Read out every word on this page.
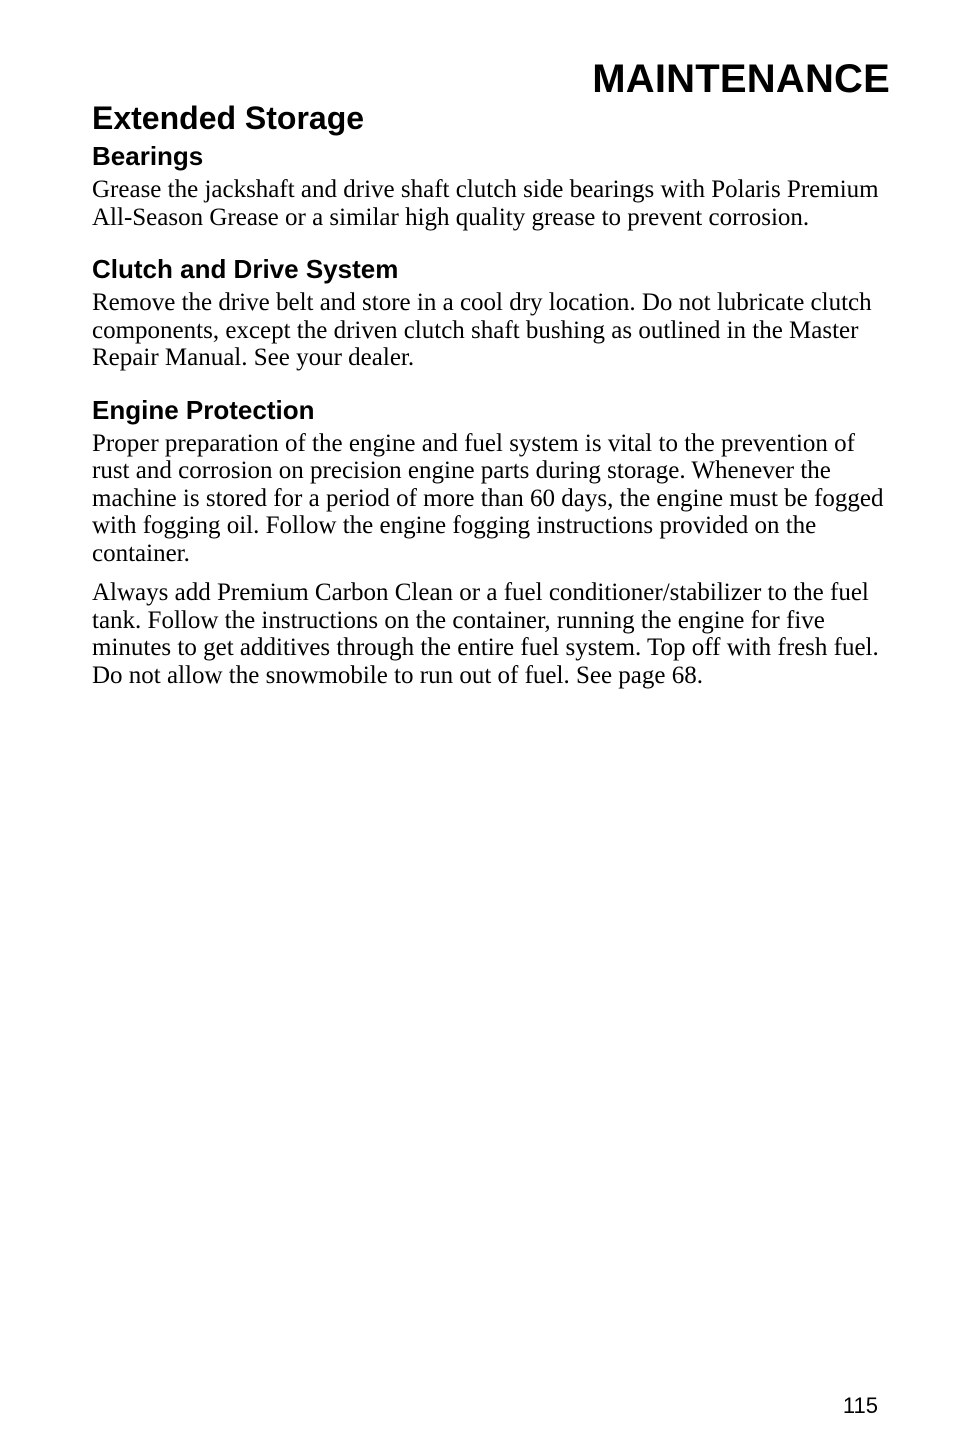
MAINTENANCE
Extended Storage
Bearings

Grease the jackshaft and drive shaft clutch side bearings with Polaris Premium All-Season Grease or a similar high quality grease to prevent corrosion.

Clutch and Drive System

Remove the drive belt and store in a cool dry location. Do not lubricate clutch components, except the driven clutch shaft bushing as outlined in the Master Repair Manual. See your dealer.

Engine Protection

Proper preparation of the engine and fuel system is vital to the prevention of rust and corrosion on precision engine parts during storage. Whenever the machine is stored for a period of more than 60 days, the engine must be fogged with fogging oil. Follow the engine fogging instructions provided on the container.

Always add Premium Carbon Clean or a fuel conditioner/stabilizer to the fuel tank. Follow the instructions on the container, running the engine for five minutes to get additives through the entire fuel system. Top off with fresh fuel. Do not allow the snowmobile to run out of fuel. See page 68.

115
